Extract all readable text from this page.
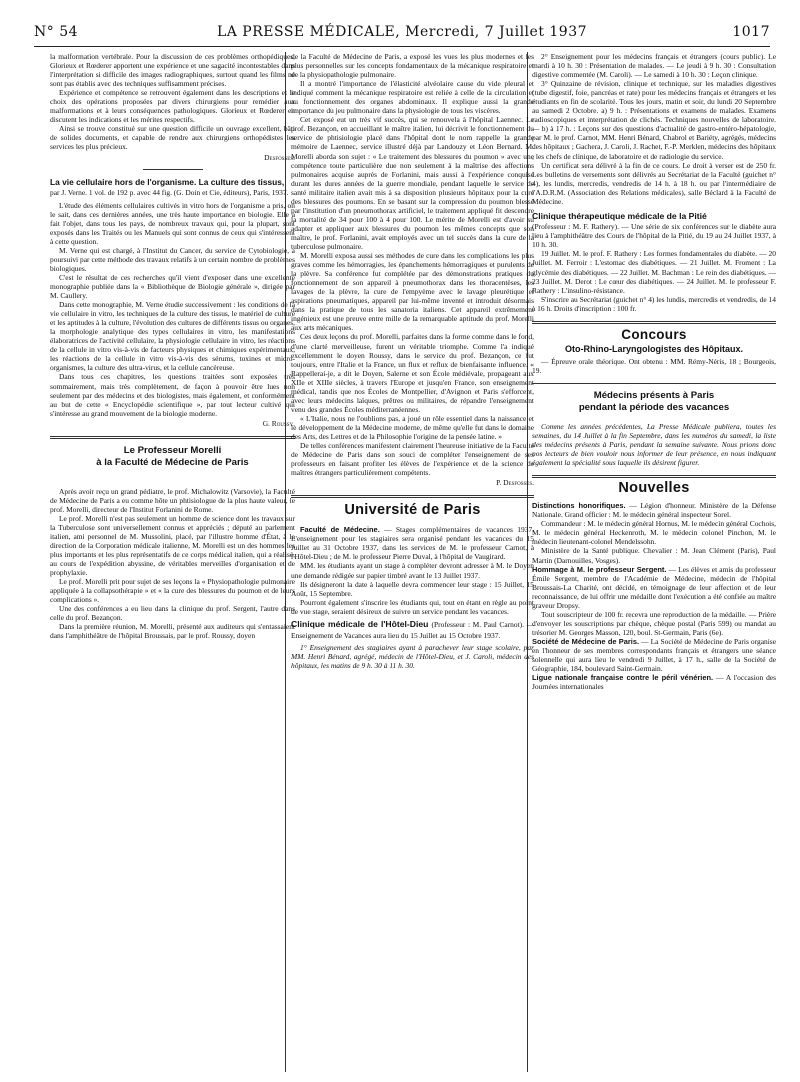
N° 54	LA PRESSE MÉDICALE, Mercredi, 7 Juillet 1937	1017

la malformation vertébrale. Pour la discussion de ces problèmes orthopédiques, Glorieux et Rœderer apportent une expérience et une sagacité incontestables dans l'interprétation si difficile des images radiographiques, surtout quand les films ne sont pas établis avec des techniques suffisamment précises.

Expérience et compétence se retrouvent également dans les descriptions et le choix des opérations proposées par divers chirurgiens pour remédier aux malformations et à leurs conséquences pathologiques. Glorieux et Rœderer en discutent les indications et les mérites respectifs.

Ainsi se trouve constitué sur une question difficile un ouvrage excellent, bâti de solides documents, et capable de rendre aux chirurgiens orthopédistes les services les plus précieux.

Desfosses.
La vie cellulaire hors de l'organisme. La culture des tissus, par J. Verne. 1 vol. de 192 p. avec 44 fig. (G. Doin et Cie, éditeurs), Paris, 1937.

L'étude des éléments cellulaires cultivés in vitro hors de l'organisme a pris, on le sait, dans ces dernières années, une très haute importance en biologie. Elle a fait l'objet, dans tous les pays, de nombreux travaux qui, pour la plupart, sont exposés dans les Traités ou les Manuels qui sont connus de ceux qui s'intéressent à cette question.

M. Verne qui est chargé, à l'Institut du Cancer, du service de Cytobiologie, a poursuivi par cette méthode des travaux relatifs à un certain nombre de problèmes biologiques.

C'est le résultat de ces recherches qu'il vient d'exposer dans une excellente monographie publiée dans la « Bibliothèque de Biologie générale », dirigée par M. Caullery.

Dans cette monographie, M. Verne étudie successivement : les conditions de la vie cellulaire in vitro, les techniques de la culture des tissus, le matériel de culture et les aptitudes à la culture, l'évolution des cultures de différents tissus ou organes, la morphologie analytique des types cellulaires in vitro, les manifestations élaboratrices de l'activité cellulaire, la physiologie cellulaire in vitro, les réactions de la cellule in vitro vis-à-vis de facteurs physiques et chimiques expérimentaux, les réactions de la cellule in vitro vis-à-vis des sérums, toxines et micro-organismes, la culture des ultra-virus, et la cellule cancéreuse.

Dans tous ces chapitres, les questions traitées sont exposées très sommairement, mais très complètement, de façon à pouvoir être lues non seulement par des médecins et des biologistes, mais également, et conformément au but de cette « Encyclopédie scientifique », par tout lecteur cultivé qui s'intéresse au grand mouvement de la biologie moderne.

G. Roussy.
Le Professeur Morelli
à la Faculté de Médecine de Paris

Après avoir reçu un grand pédiatre, le prof. Michalowitz (Varsovie), la Faculté de Médecine de Paris a eu comme hôte un phtisiologue de la plus haute valeur, le prof. Morelli, directeur de l'Institut Forlanini de Rome.

Le prof. Morelli n'est pas seulement un homme de science dont les travaux sur la Tuberculose sont universellement connus et appréciés ; député au parlement italien, ami personnel de M. Mussolini, placé, par l'illustre homme d'État, à la direction de la Corporation médicale italienne, M. Morelli est un des hommes les plus importants et les plus représentatifs de ce corps médical italien, qui a réalisé, au cours de l'expédition abyssine, de véritables merveilles d'organisation et de prophylaxie.

Le prof. Morelli prit pour sujet de ses leçons la « Physiopathologie pulmonaire appliquée à la collapsothérapie » et « la cure des blessures du poumon et de leurs complications ».

Une des conférences a eu lieu dans la clinique du prof. Sergent, l'autre dans celle du prof. Bezançon.

Dans la première réunion, M. Morelli, présenté aux auditeurs qui s'entassaient dans l'amphithéâtre de l'hôpital Broussais, par le prof. Roussy, doyen

de la Faculté de Médecine de Paris, a exposé les vues les plus modernes et les plus personnelles sur les concepts fondamentaux de la mécanique respiratoire et de la physiopathologie pulmonaire.

Il a montré l'importance de l'élasticité alvéolaire cause du vide pleural et indiqué comment la mécanique respiratoire est reliée à celle de la circulation et au fonctionnement des organes abdominaux. Il explique aussi la grande importance du jeu pulmonaire dans la physiologie de tous les viscères.

Cet exposé eut un très vif succès, qui se renouvela à l'hôpital Laennec. Le prof. Bezançon, en accueillant le maître italien, lui décrivit le fonctionnement du service de phtisiologie placé dans l'hôpital dont le nom rappelle la grande mémoire de Laennec, service illustré déjà par Landouzy et Léon Bernard. M. Morelli aborda son sujet : « Le traitement des blessures du poumon » avec une compétence toute particulière due non seulement à la maîtrise des affections pulmonaires acquise auprès de Forlanini, mais aussi à l'expérience conquise durant les dures années de la guerre mondiale, pendant laquelle le service de santé militaire italien avait mis à sa disposition plusieurs hôpitaux pour la cure des blessures des poumons. En se basant sur la compression du poumon blessé par l'institution d'un pneumothorax artificiel, le traitement appliqué fit descendre la mortalité de 34 pour 100 à 4 pour 100. Le mérite de Morelli est d'avoir su adapter et appliquer aux blessures du poumon les mêmes concepts que son maître, le prof. Forlanini, avait employés avec un tel succès dans la cure de la tuberculose pulmonaire.

M. Morelli exposa aussi ses méthodes de cure dans les complications les plus graves comme les hémorragies, les épanchements hémorragiques et purulents de la plèvre. Sa conférence fut complétée par des démonstrations pratiques du fonctionnement de son appareil à pneumothorax dans les thoracentèses, les lavages de la plèvre, la cure de l'empyème avec le lavage pleurétique et aspirations pneumatiques, appareil par lui-même inventé et introduit désormais dans la pratique de tous les sanatoria italiens. Cet appareil extrêmement ingénieux est une preuve entre mille de la remarquable aptitude du prof. Morelli aux arts mécaniques.

Ces deux leçons du prof. Morelli, parfaites dans la forme comme dans le fond, d'une clarté merveilleuse, furent un véritable triomphe. Comme l'a indiqué excellemment le doyen Roussy, dans le service du prof. Bezançon, ce fut toujours, entre l'Italie et la France, un flux et reflux de bienfaisante influence. « Rappellerai-je, a dit le Doyen, Salerne et son École médiévale, propageant aux XIIe et XIIIe siècles, à travers l'Europe et jusqu'en France, son enseignement médical, tandis que nos Écoles de Montpellier, d'Avignon et Paris s'efforcent, avec leurs médecins laïques, prêtres ou militaires, de répandre l'enseignement venu des grandes Écoles méditerranéennes.

« L'Italie, nous ne l'oublions pas, a joué un rôle essentiel dans la naissance et le développement de la Médecine moderne, de même qu'elle fut dans le domaine des Arts, des Lettres et de la Philosophie l'origine de la pensée latine. »

De telles conférences manifestent clairement l'heureuse initiative de la Faculté de Médecine de Paris dans son souci de compléter l'enseignement de ses professeurs en faisant profiter les élèves de l'expérience et de la science de maîtres étrangers particulièrement compétents.

P. Desfosses.
Université de Paris

Faculté de Médecine. — Stages complémentaires de vacances 1937. L'enseignement pour les stagiaires sera organisé pendant les vacances du 15 Juillet au 31 Octobre 1937, dans les services de M. le professeur Carnot, à l'Hôtel-Dieu ; de M. le professeur Pierre Duval, à l'hôpital de Vaugirard.

MM. les étudiants ayant un stage à compléter devront adresser à M. le Doyen une demande rédigée sur papier timbré avant le 13 Juillet 1937.

Ils désigneront la date à laquelle devra commencer leur stage : 15 Juillet, 15 Août, 15 Septembre.

Pourront également s'inscrire les étudiants qui, tout en étant en règle au point de vue stage, seraient désireux de suivre un service pendant les vacances.

Clinique médicale de l'Hôtel-Dieu (Professeur : M. Paul Carnot). — Enseignement de Vacances aura lieu du 15 Juillet au 15 Octobre 1937.

1° Enseignement des stagiaires ayant à parachever leur stage scolaire, par MM. Henri Bénard, agrégé, médecin de l'Hôtel-Dieu, et J. Caroli, médecin des hôpitaux, les matins de 9 h. 30 à 11 h. 30.

2° Enseignement pour les médecins français et étrangers (cours public). Le mardi à 10 h. 30 : Présentation de malades. — Le jeudi à 9 h. 30 : Consultation digestive commentée (M. Caroli). — Le samedi à 10 h. 30 : Leçon clinique.

3° Quinzaine de révision, clinique et technique, sur les maladies digestives (tube digestif, foie, pancréas et rate) pour les médecins français et étrangers et les étudiants en fin de scolarité. Tous les jours, matin et soir, du lundi 20 Septembre au samedi 2 Octobre. a) 9 h. : Présentations et examens de malades. Examens radioscopiques et interprétation de clichés. Techniques nouvelles de laboratoire. — b) à 17 h. : Leçons sur des questions d'actualité de gastro-entéro-hépatologie, par M. le prof. Carnot, MM. Henri Bénard, Chabrol et Bariéty, agrégés, médecins des hôpitaux ; Gachera, J. Caroli, J. Rachet, F.-P. Merklen, médecins des hôpitaux ; les chefs de clinique, de laboratoire et de radiologie du service.

Un certificat sera délivré à la fin de ce cours. Le droit à verser est de 250 fr. Les bulletins de versements sont délivrés au Secrétariat de la Faculté (guichet n° 4), les lundis, mercredis, vendredis de 14 h. à 18 h. ou par l'intermédiaire de l'A.D.R.M. (Association des Relations médicales), salle Béclard à la Faculté de Médecine.

Clinique thérapeutique médicale de la Pitié

(Professeur : M. F. Rathery). — Une série de six conférences sur le diabète aura lieu à l'amphithéâtre des Cours de l'hôpital de la Pitié, du 19 au 24 Juillet 1937, à 10 h. 30.

19 Juillet. M. le prof. F. Rathery : Les formes fondamentales du diabète. — 20 Juillet. M. Ferroir : L'estomac des diabétiques. — 21 Juillet. M. Froment : La glycémie des diabétiques. — 22 Juillet. M. Bachman : Le rein des diabétiques. — 23 Juillet. M. Derot : Le cœur des diabétiques. — 24 Juillet. M. le professeur F. Rathery : L'insulino-résistance.

S'inscrire au Secrétariat (guichet n° 4) les lundis, mercredis et vendredis, de 14 à 16 h. Droits d'inscription : 100 fr.

Concours
Oto-Rhino-Laryngologistes des Hôpitaux.

— Épreuve orale théorique. Ont obtenu : MM. Rémy-Néris, 18 ; Bourgeois, 19.

Médecins présents à Paris
pendant la période des vacances

Comme les années précédentes, La Presse Médicale publiera, toutes les semaines, du 14 Juillet à la fin Septembre, dans les numéros du samedi, la liste des médecins présents à Paris, pendant la semaine suivante. Nous prions donc nos lecteurs de bien vouloir nous informer de leur présence, en nous indiquant également la spécialité sous laquelle ils désirent figurer.

Nouvelles

Distinctions honorifiques. — Légion d'honneur. Ministère de la Défense Nationale. Grand officier : M. le médecin général inspecteur Sorel.

Commandeur : M. le médecin général Hornus, M. le médecin général Cochois, M. le médecin général Heckenroth, M. le médecin colonel Pinchon, M. le médecin lieutenant-colonel Mendelssohn.

Ministère de la Santé publique. Chevalier : M. Jean Clément (Paris), Paul Martin (Darnouilles, Vosges).

Hommage à M. le professeur Sergent. — Les élèves et amis du professeur Émile Sergent, membre de l'Académie de Médecine, médecin de l'hôpital Broussais-La Charité, ont décidé, en témoignage de leur affection et de leur reconnaissance, de lui offrir une médaille dont l'exécution a été confiée au maître graveur Dropsy.

Tout souscripteur de 100 fr. recevra une reproduction de la médaille. — Prière d'envoyer les souscriptions par chèque, chèque postal (Paris 599) ou mandat au trésorier M. Georges Masson, 120, boul. St-Germain, Paris (6e).

Société de Médecine de Paris. — La Société de Médecine de Paris organise en l'honneur de ses membres correspondants français et étrangers une séance solennelle qui aura lieu le vendredi 9 Juillet, à 17 h., salle de la Société de Géographie, 184, boulevard Saint-Germain.

Ligue nationale française contre le péril vénérien. — A l'occasion des Journées internationales
